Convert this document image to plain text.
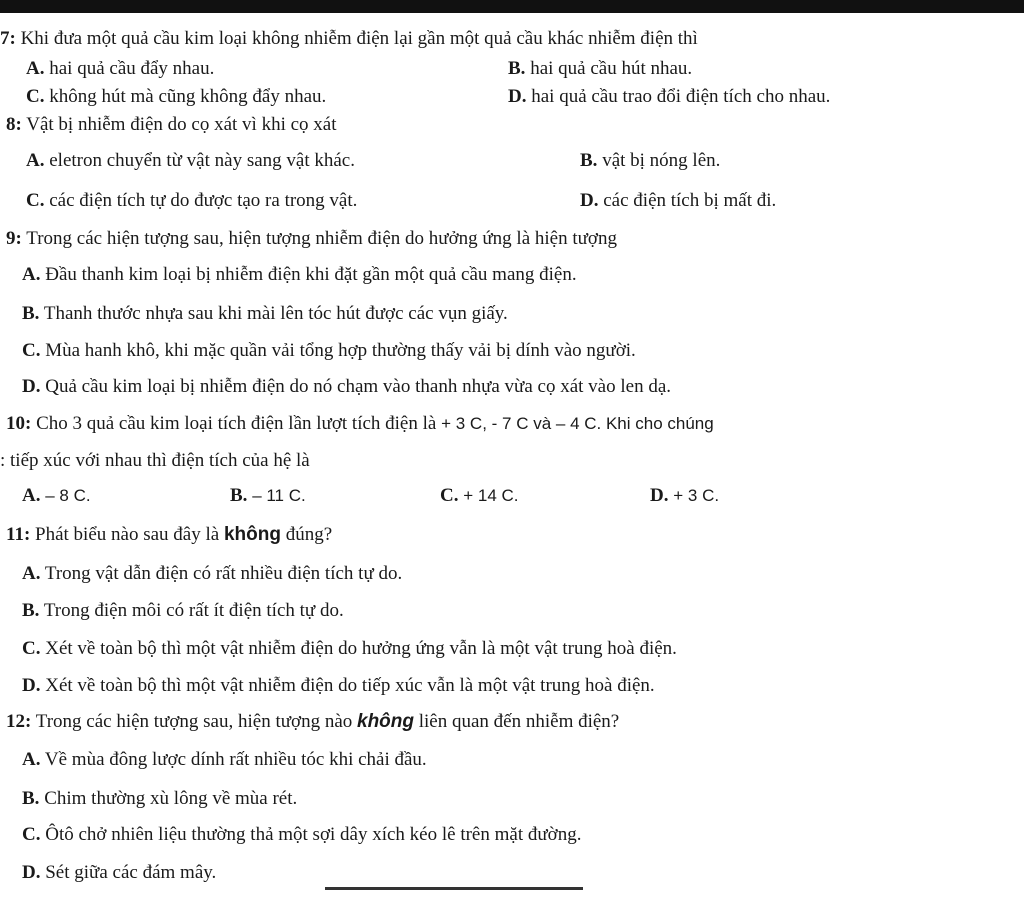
7: Khi đưa một quả cầu kim loại không nhiễm điện lại gần một quả cầu khác nhiễm điện thì
A. hai quả cầu đẩy nhau.	B. hai quả cầu hút nhau.
C. không hút mà cũng không đẩy nhau.	D. hai quả cầu trao đổi điện tích cho nhau.
8: Vật bị nhiễm điện do cọ xát vì khi cọ xát
A. eletron chuyển từ vật này sang vật khác.	B. vật bị nóng lên.
C. các điện tích tự do được tạo ra trong vật.	D. các điện tích bị mất đi.
9: Trong các hiện tượng sau, hiện tượng nhiễm điện do hưởng ứng là hiện tượng
A. Đầu thanh kim loại bị nhiễm điện khi đặt gần một quả cầu mang điện.
B. Thanh thước nhựa sau khi mài lên tóc hút được các vụn giấy.
C. Mùa hanh khô, khi mặc quần vải tổng hợp thường thấy vải bị dính vào người.
D. Quả cầu kim loại bị nhiễm điện do nó chạm vào thanh nhựa vừa cọ xát vào len dạ.
10: Cho 3 quả cầu kim loại tích điện lần lượt tích điện là + 3 C, - 7 C và – 4 C. Khi cho chúng
: tiếp xúc với nhau thì điện tích của hệ là
A. – 8 C.	B. – 11 C.	C. + 14 C.	D. + 3 C.
11: Phát biểu nào sau đây là không đúng?
A. Trong vật dẫn điện có rất nhiều điện tích tự do.
B. Trong điện môi có rất ít điện tích tự do.
C. Xét về toàn bộ thì một vật nhiễm điện do hưởng ứng vẫn là một vật trung hoà điện.
D. Xét về toàn bộ thì một vật nhiễm điện do tiếp xúc vẫn là một vật trung hoà điện.
12: Trong các hiện tượng sau, hiện tượng nào không liên quan đến nhiễm điện?
A. Về mùa đông lược dính rất nhiều tóc khi chải đầu.
B. Chim thường xù lông về mùa rét.
C. Ôtô chở nhiên liệu thường thả một sợi dây xích kéo lê trên mặt đường.
D. Sét giữa các đám mây.
